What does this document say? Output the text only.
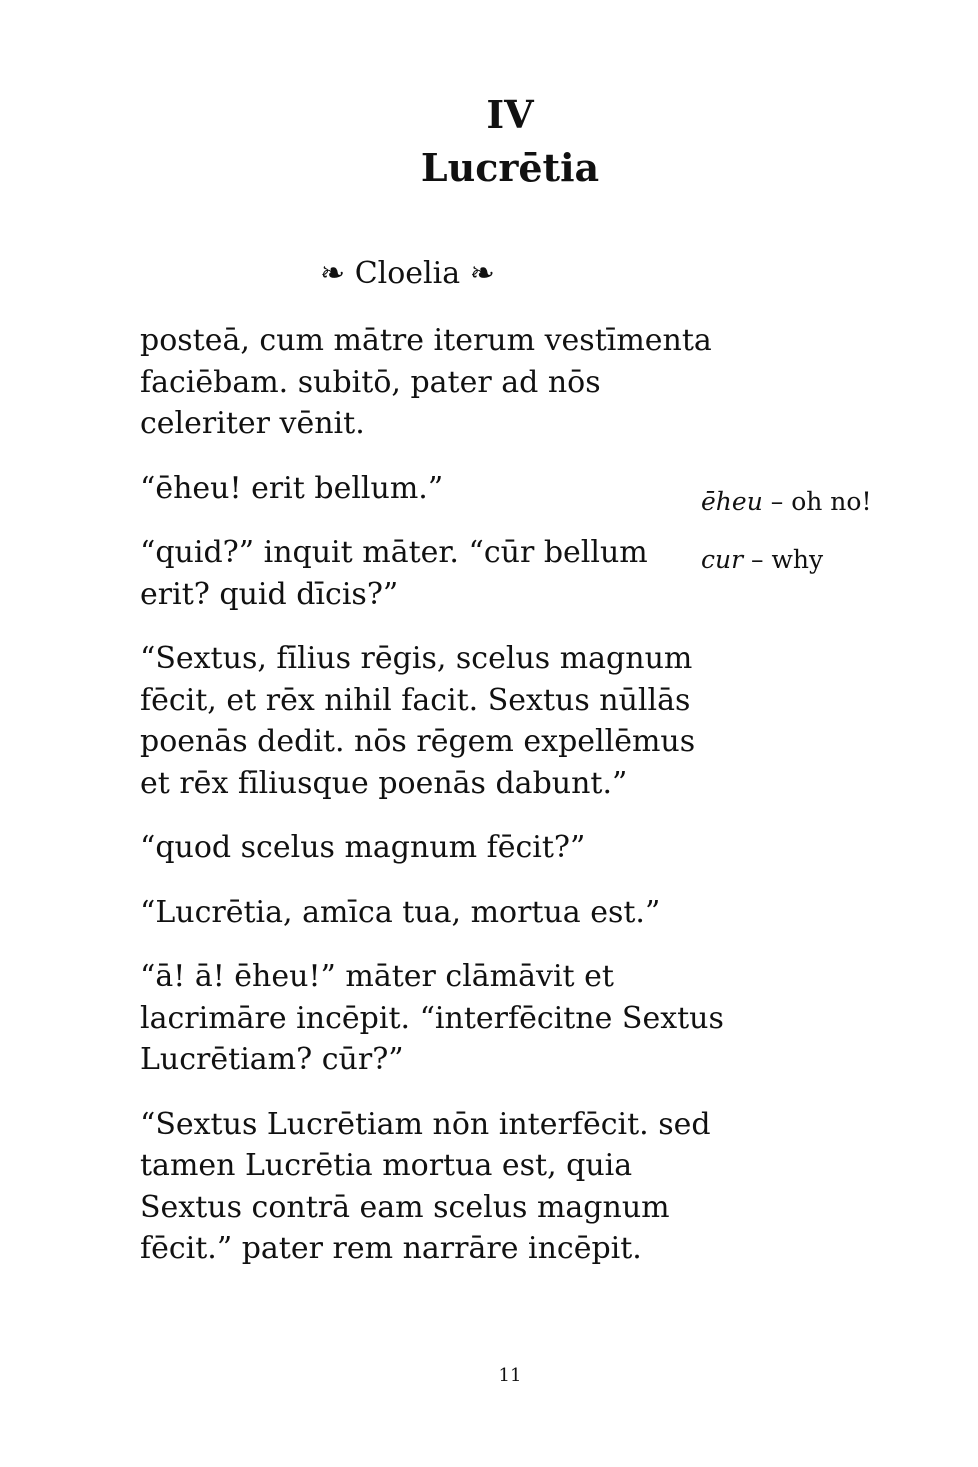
IV
Lucrētia
❧ Cloelia ❧

posteā, cum mātre iterum vestīmenta
faciēbam. subitō, pater ad nōs
celeriter vēnit.

“ēheu! erit bellum.”

“quid?” inquit māter. “cūr bellum
erit? quid dīcis?”

“Sextus, fīlius rēgis, scelus magnum
fēcit, et rēx nihil facit. Sextus nūllās
poenās dedit. nōs rēgem expellēmus
et rēx fīliusque poenās dabunt.”

“quod scelus magnum fēcit?”

“Lucrētia, amīca tua, mortua est.”

“ā! ā! ēheu!” māter clāmāvit et
lacrimāre incēpit. “interfēcitne Sextus
Lucrētiam? cūr?”

“Sextus Lucrētiam nōn interfēcit. sed
tamen Lucrētia mortua est, quia
Sextus contrā eam scelus magnum
fēcit.” pater rem narrāre incēpit.

ēheu – oh no!
cur – why
11
